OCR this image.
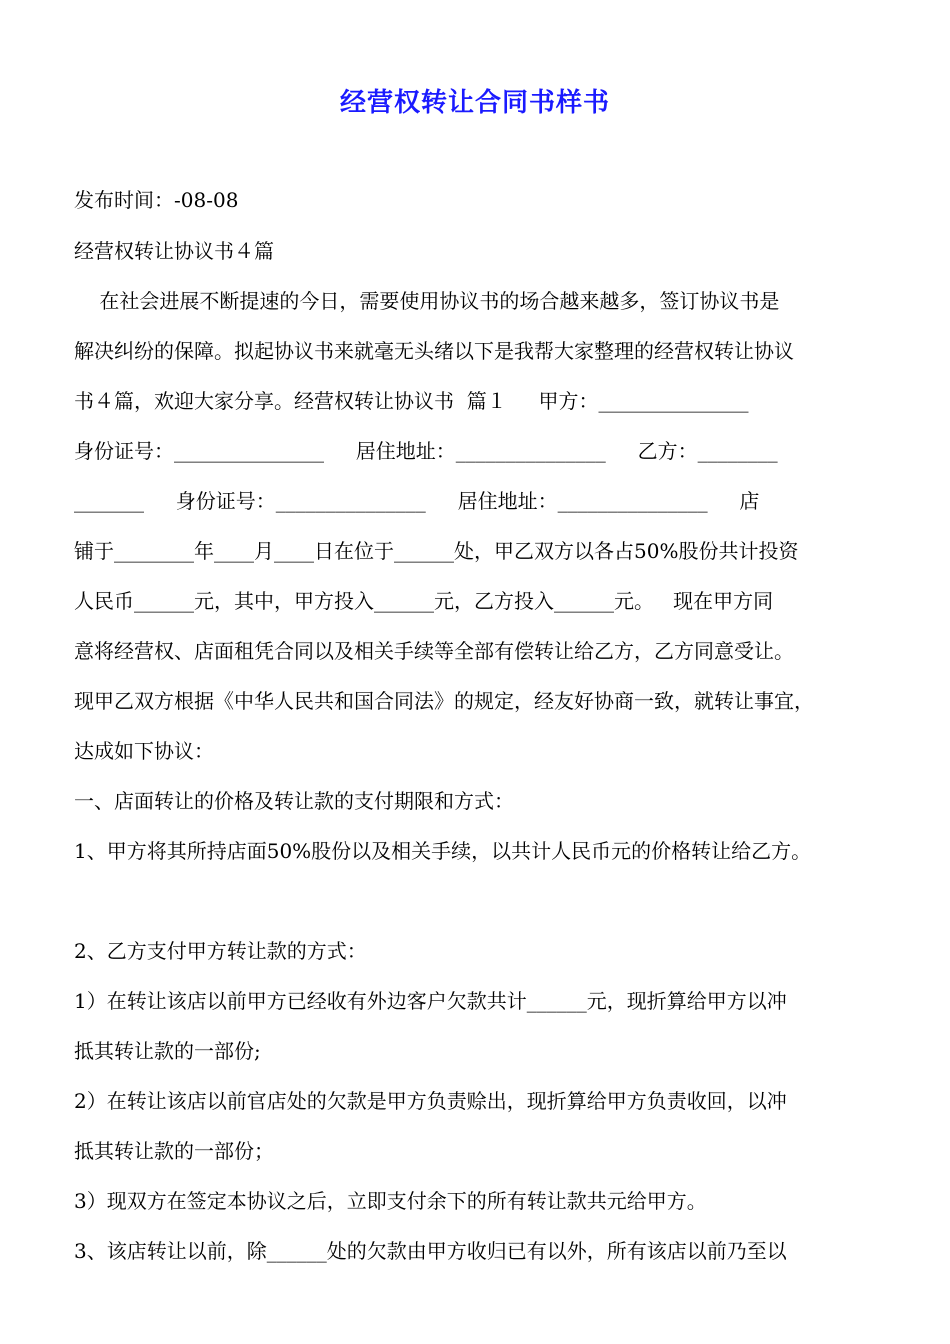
经营权转让合同书样书
发布时间：-08-08
经营权转让协议书４篇
在社会进展不断提速的今日，需要使用协议书的场合越来越多，签订协议书是
解决纠纷的保障。拟起协议书来就毫无头绪以下是我帮大家整理的经营权转让协议
书４篇，欢迎大家分享。经营权转让协议书  篇１     甲方：_______________
身份证号：_______________     居住地址：_______________     乙方：________
_______     身份证号：_______________     居住地址：_______________     店
铺于________年____月____日在位于______处，甲乙双方以各占50%股份共计投资
人民币______元，其中，甲方投入______元，乙方投入______元。   现在甲方同
意将经营权、店面租凭合同以及相关手续等全部有偿转让给乙方，乙方同意受让。
现甲乙双方根据《中华人民共和国合同法》的规定，经友好协商一致，就转让事宜，
达成如下协议：
一、店面转让的价格及转让款的支付期限和方式：
1、甲方将其所持店面50%股份以及相关手续，以共计人民币元的价格转让给乙方。
2、乙方支付甲方转让款的方式：
1）在转让该店以前甲方已经收有外边客户欠款共计______元，现折算给甲方以冲
抵其转让款的一部份;
2）在转让该店以前官店处的欠款是甲方负责赊出，现折算给甲方负责收回，以冲
抵其转让款的一部份；
3）现双方在签定本协议之后，立即支付余下的所有转让款共元给甲方。
3、该店转让以前，除______处的欠款由甲方收归已有以外，所有该店以前乃至以
